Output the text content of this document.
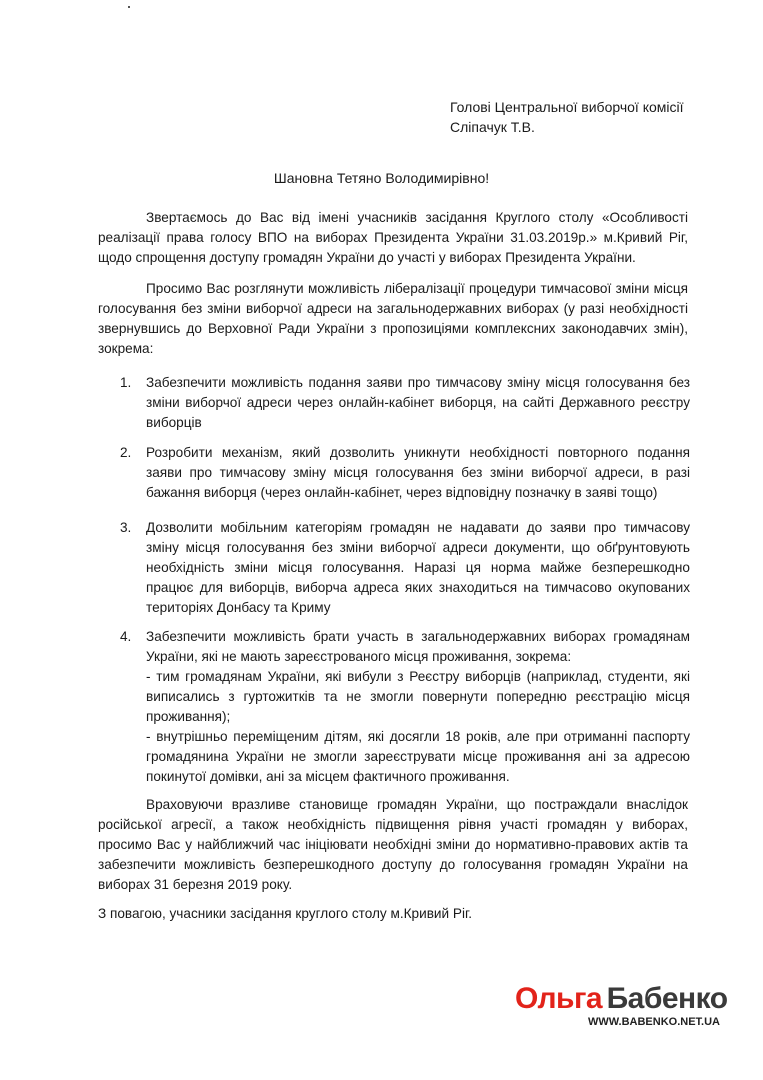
Голові Центральної виборчої комісії
Сліпачук Т.В.
Шановна Тетяно Володимирівно!
Звертаємось до Вас від імені учасників засідання Круглого столу «Особливості реалізації права голосу ВПО на виборах Президента України 31.03.2019р.» м.Кривий Ріг, щодо спрощення доступу громадян України до участі у виборах Президента України.
Просимо Вас розглянути можливість лібералізації процедури тимчасової зміни місця голосування без зміни виборчої адреси на загальнодержавних виборах (у разі необхідності звернувшись до Верховної Ради України з пропозиціями комплексних законодавчих змін), зокрема:
1.	Забезпечити можливість подання заяви про тимчасову зміну місця голосування без зміни виборчої адреси через онлайн-кабінет виборця, на сайті Державного реєстру виборців
2.	Розробити механізм, який дозволить уникнути необхідності повторного подання заяви про тимчасову зміну місця голосування без зміни виборчої адреси, в разі бажання виборця (через онлайн-кабінет, через відповідну позначку в заяві тощо)
3.	Дозволити мобільним категоріям громадян не надавати до заяви про тимчасову зміну місця голосування без зміни виборчої адреси документи, що обґрунтовують необхідність зміни місця голосування. Наразі ця норма майже безперешкодно працює для виборців, виборча адреса яких знаходиться на тимчасово окупованих територіях Донбасу та Криму
4.	Забезпечити можливість брати участь в загальнодержавних виборах громадянам України, які не мають зареєстрованого місця проживання, зокрема:
- тим громадянам України, які вибули з Реєстру виборців (наприклад, студенти, які виписались з гуртожитків та не змогли повернути попередню реєстрацію місця проживання);
- внутрішньо переміщеним дітям, які досягли 18 років, але при отриманні паспорту громадянина України не змогли зареєструвати місце проживання ані за адресою покинутої домівки, ані за місцем фактичного проживання.
Враховуючи вразливе становище громадян України, що постраждали внаслідок російської агресії, а також необхідність підвищення рівня участі громадян у виборах, просимо Вас у найближчий час ініціювати необхідні зміни до нормативно-правових актів та забезпечити можливість безперешкодного доступу до голосування громадян України на виборах 31 березня 2019 року.
З повагою, учасники засідання круглого столу м.Кривий Ріг.
Ольга Бабенко
WWW.BABENKO.NET.UA
